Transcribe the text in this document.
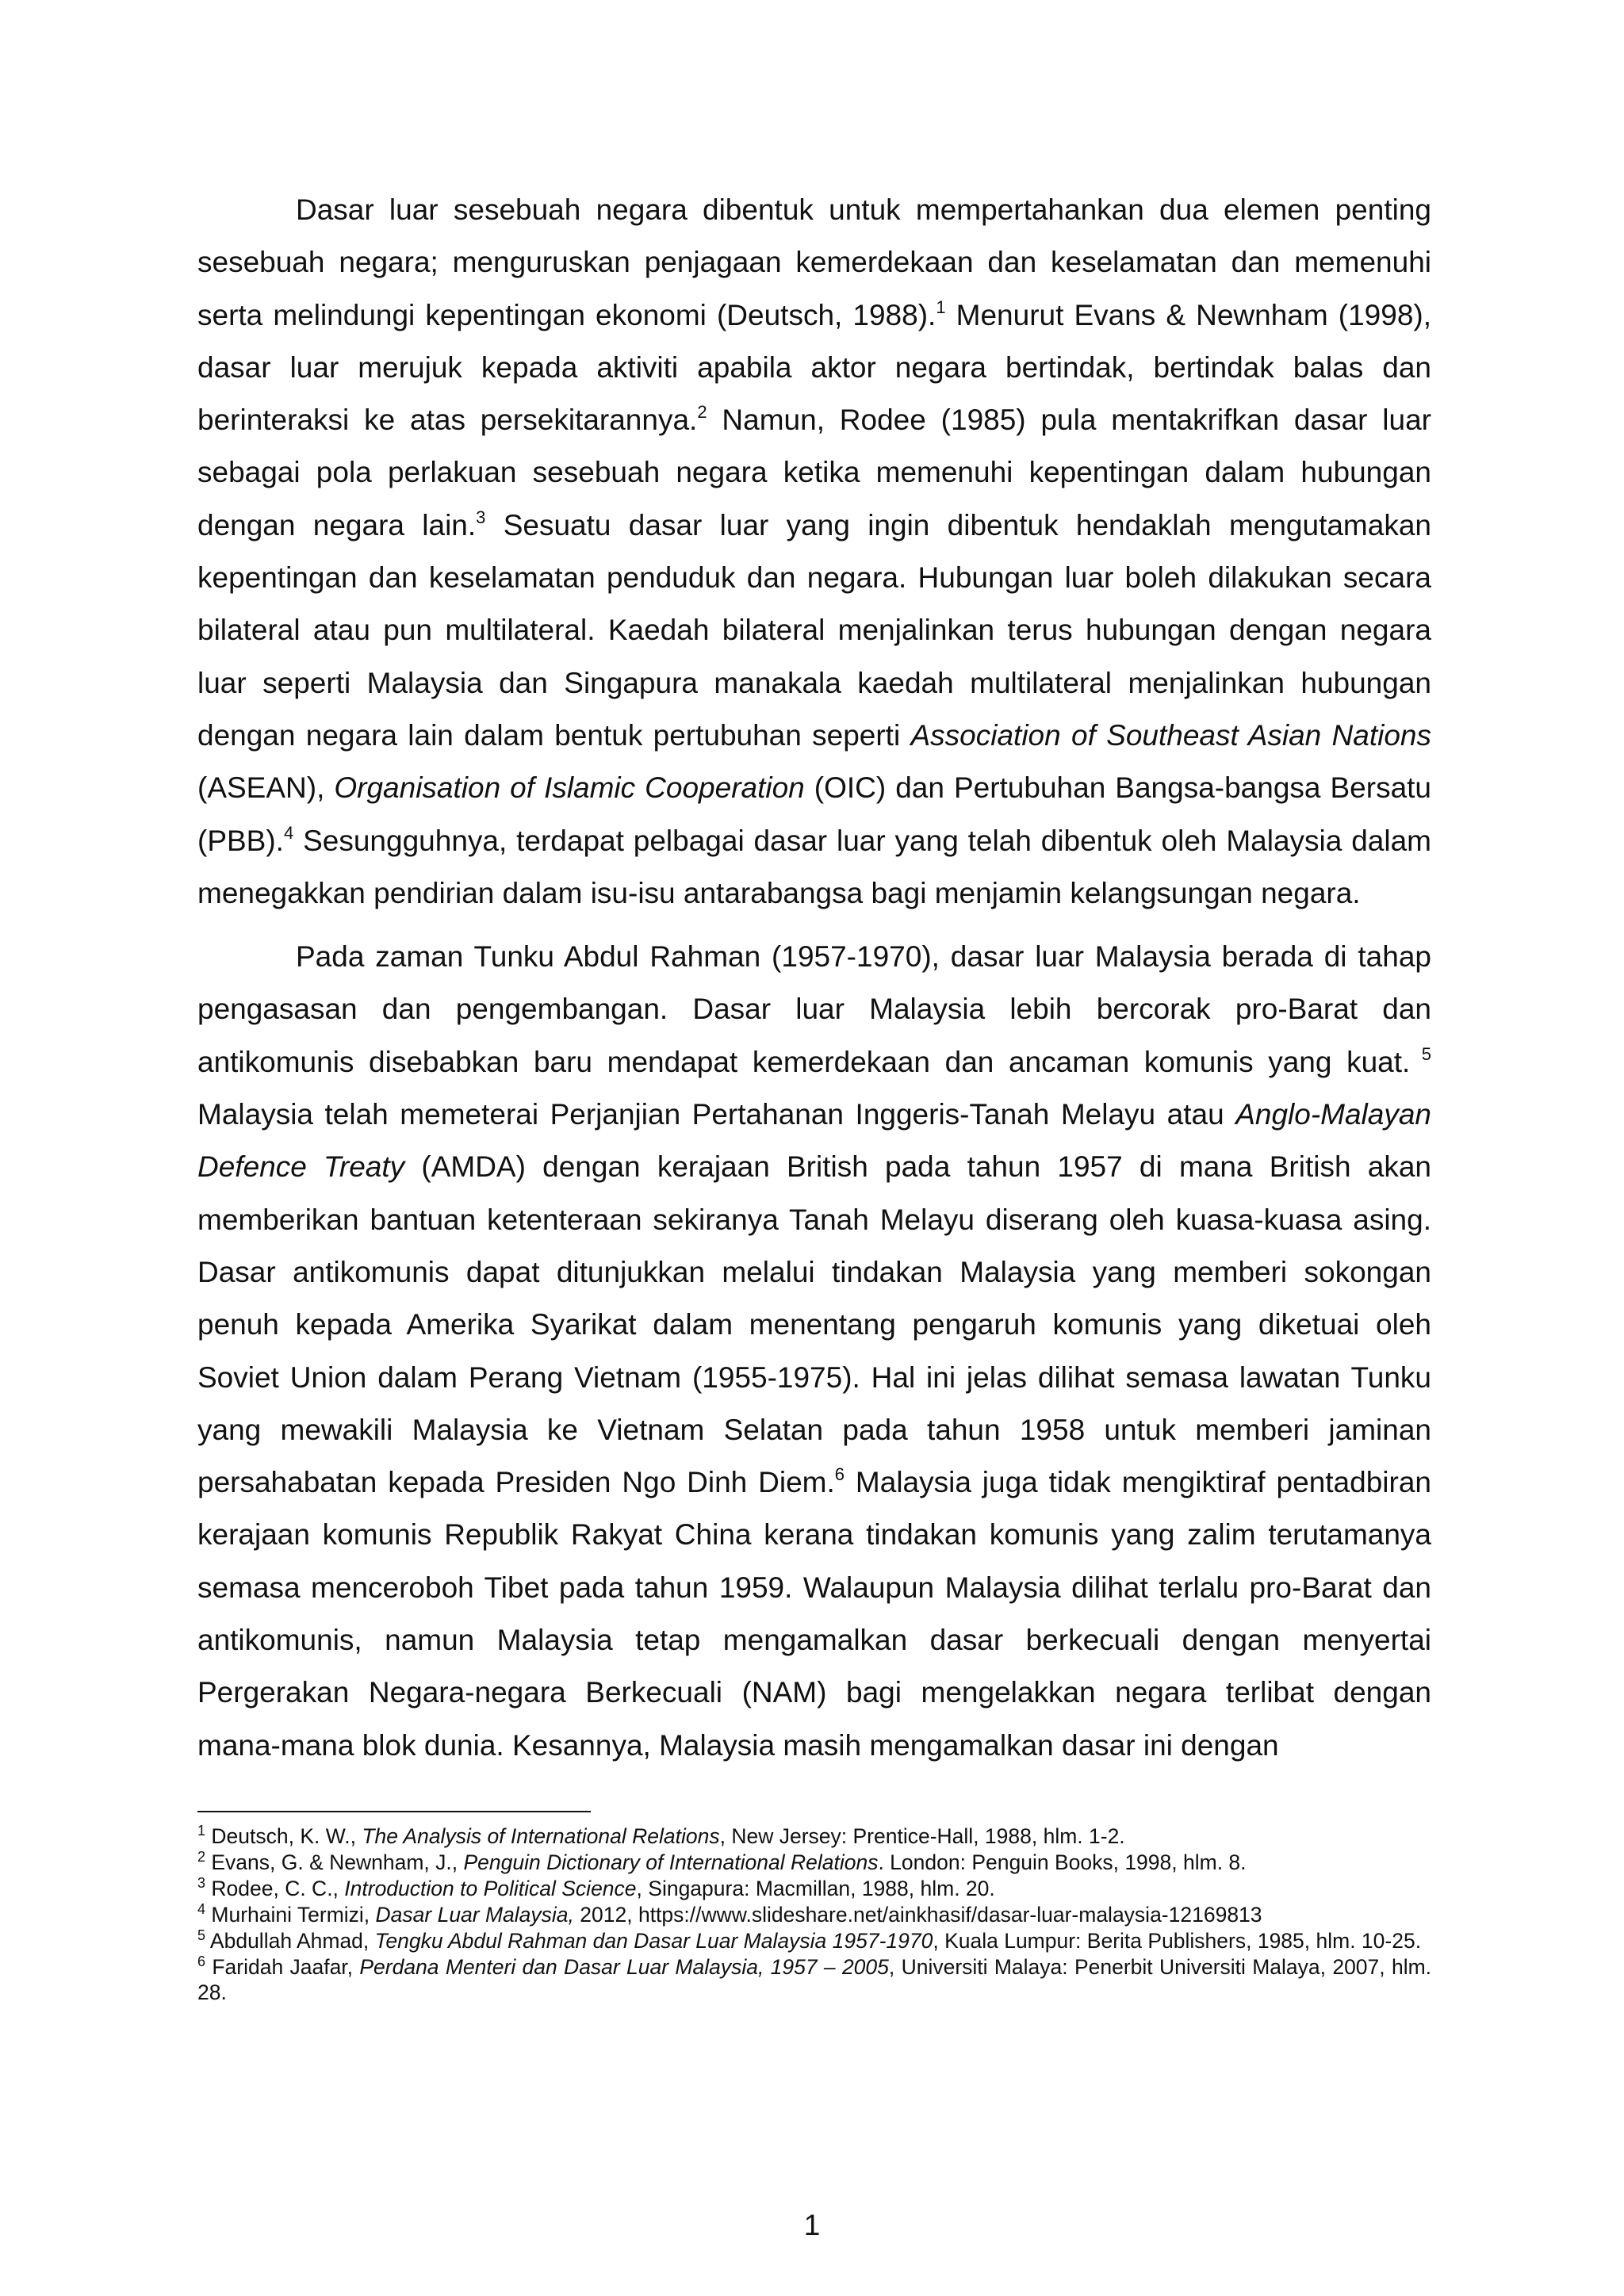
Dasar luar sesebuah negara dibentuk untuk mempertahankan dua elemen penting sesebuah negara; menguruskan penjagaan kemerdekaan dan keselamatan dan memenuhi serta melindungi kepentingan ekonomi (Deutsch, 1988).$^1$ Menurut Evans & Newnham (1998), dasar luar merujuk kepada aktiviti apabila aktor negara bertindak, bertindak balas dan berinteraksi ke atas persekitarannya.$^2$ Namun, Rodee (1985) pula mentakrifkan dasar luar sebagai pola perlakuan sesebuah negara ketika memenuhi kepentingan dalam hubungan dengan negara lain.$^3$ Sesuatu dasar luar yang ingin dibentuk hendaklah mengutamakan kepentingan dan keselamatan penduduk dan negara. Hubungan luar boleh dilakukan secara bilateral atau pun multilateral. Kaedah bilateral menjalinkan terus hubungan dengan negara luar seperti Malaysia dan Singapura manakala kaedah multilateral menjalinkan hubungan dengan negara lain dalam bentuk pertubuhan seperti Association of Southeast Asian Nations (ASEAN), Organisation of Islamic Cooperation (OIC) dan Pertubuhan Bangsa-bangsa Bersatu (PBB).$^4$ Sesungguhnya, terdapat pelbagai dasar luar yang telah dibentuk oleh Malaysia dalam menegakkan pendirian dalam isu-isu antarabangsa bagi menjamin kelangsungan negara.

Pada zaman Tunku Abdul Rahman (1957-1970), dasar luar Malaysia berada di tahap pengasasan dan pengembangan. Dasar luar Malaysia lebih bercorak pro-Barat dan antikomunis disebabkan baru mendapat kemerdekaan dan ancaman komunis yang kuat. $^5$ Malaysia telah memeterai Perjanjian Pertahanan Inggeris-Tanah Melayu atau Anglo-Malayan Defence Treaty (AMDA) dengan kerajaan British pada tahun 1957 di mana British akan memberikan bantuan ketenteraan sekiranya Tanah Melayu diserang oleh kuasa-kuasa asing. Dasar antikomunis dapat ditunjukkan melalui tindakan Malaysia yang memberi sokongan penuh kepada Amerika Syarikat dalam menentang pengaruh komunis yang diketuai oleh Soviet Union dalam Perang Vietnam (1955-1975). Hal ini jelas dilihat semasa lawatan Tunku yang mewakili Malaysia ke Vietnam Selatan pada tahun 1958 untuk memberi jaminan persahabatan kepada Presiden Ngo Dinh Diem.$^6$ Malaysia juga tidak mengiktiraf pentadbiran kerajaan komunis Republik Rakyat China kerana tindakan komunis yang zalim terutamanya semasa menceroboh Tibet pada tahun 1959. Walaupun Malaysia dilihat terlalu pro-Barat dan antikomunis, namun Malaysia tetap mengamalkan dasar berkecuali dengan menyertai Pergerakan Negara-negara Berkecuali (NAM) bagi mengelakkan negara terlibat dengan mana-mana blok dunia. Kesannya, Malaysia masih mengamalkan dasar ini dengan

$^1$ Deutsch, K. W., The Analysis of International Relations, New Jersey: Prentice-Hall, 1988, hlm. 1-2.

$^2$ Evans, G. & Newnham, J., Penguin Dictionary of International Relations. London: Penguin Books, 1998, hlm. 8.

$^3$ Rodee, C. C., Introduction to Political Science, Singapura: Macmillan, 1988, hlm. 20.

$^4$ Murhaini Termizi, Dasar Luar Malaysia, 2012, https://www.slideshare.net/ainkhasif/dasar-luar-malaysia-12169813

$^5$ Abdullah Ahmad, Tengku Abdul Rahman dan Dasar Luar Malaysia 1957-1970, Kuala Lumpur: Berita Publishers, 1985, hlm. 10-25.

$^6$ Faridah Jaafar, Perdana Menteri dan Dasar Luar Malaysia, 1957 – 2005, Universiti Malaya: Penerbit Universiti Malaya, 2007, hlm. 28.

1
